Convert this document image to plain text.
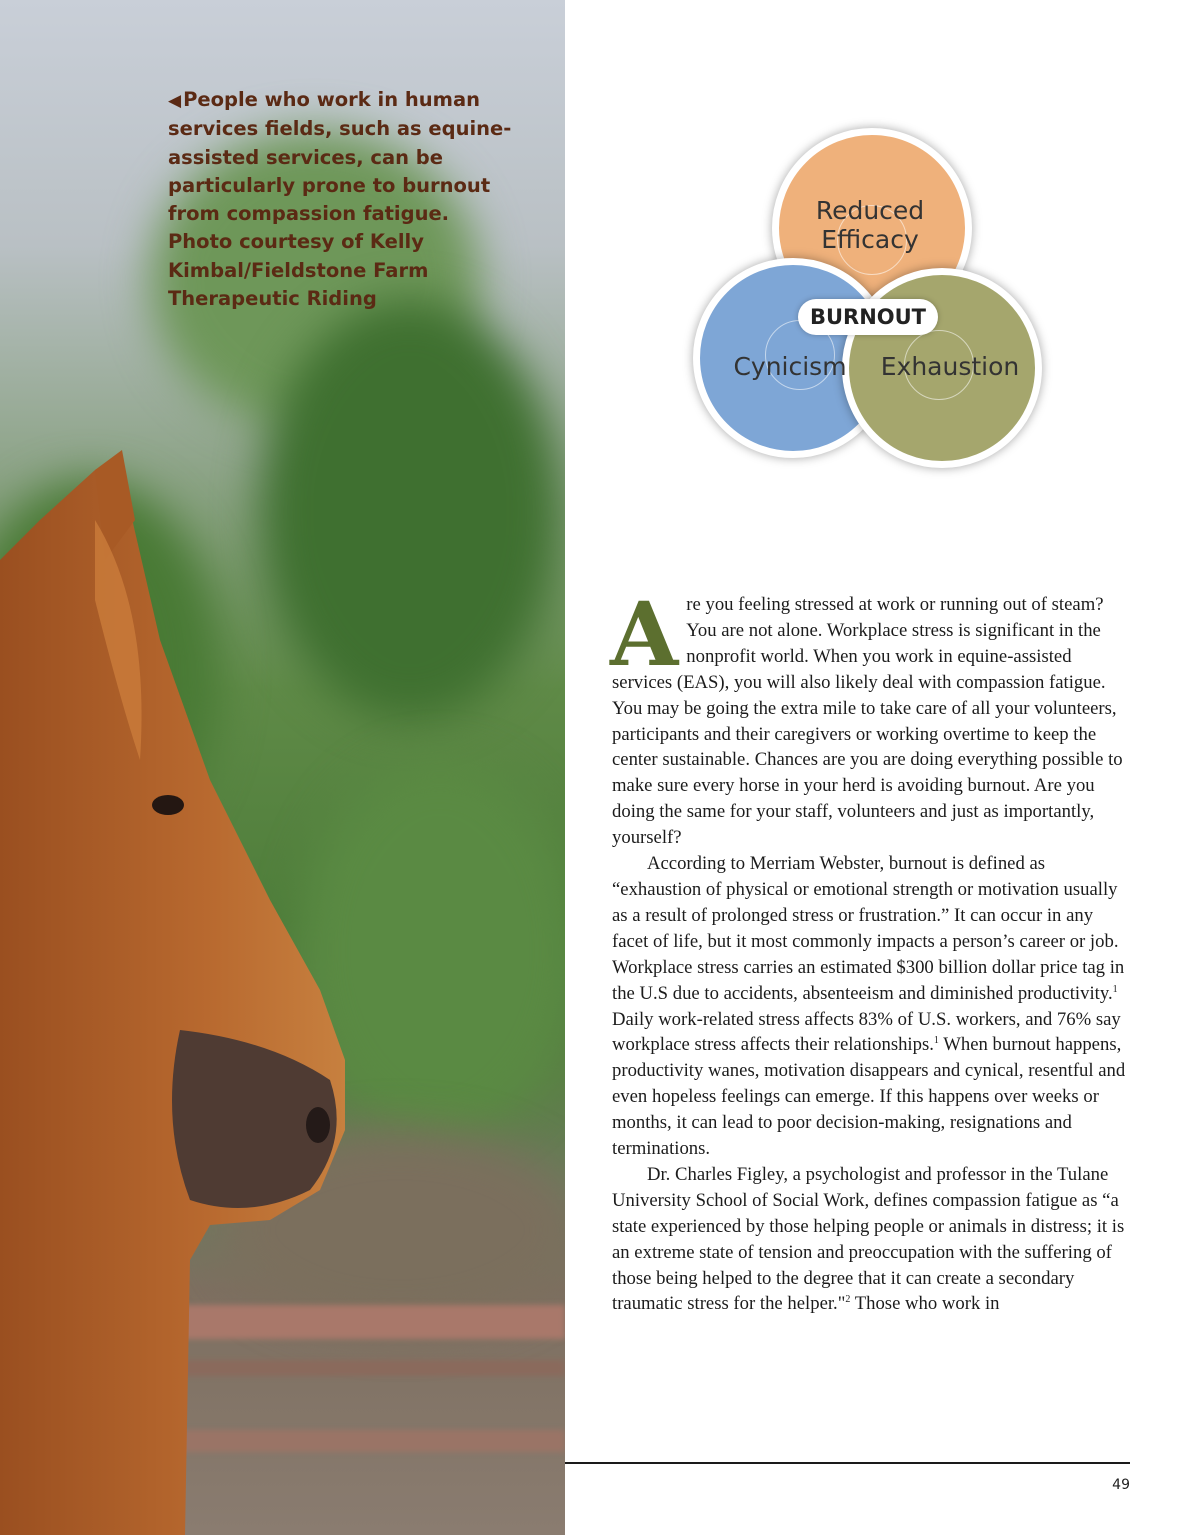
◀ People who work in human services fields, such as equine-assisted services, can be particularly prone to burnout from compassion fatigue. Photo courtesy of Kelly Kimbal/Fieldstone Farm Therapeutic Riding

Reduced
Efficacy

Cynicism	Exhaustion

BURNOUT

Are you feeling stressed at work or running out of steam? You are not alone. Workplace stress is significant in the nonprofit world. When you work in equine-assisted services (EAS), you will also likely deal with compassion fatigue. You may be going the extra mile to take care of all your volunteers, participants and their caregivers or working overtime to keep the center sustainable. Chances are you are doing everything possible to make sure every horse in your herd is avoiding burnout. Are you doing the same for your staff, volunteers and just as importantly, yourself?

According to Merriam Webster, burnout is defined as “exhaustion of physical or emotional strength or motivation usually as a result of prolonged stress or frustration.” It can occur in any facet of life, but it most commonly impacts a person’s career or job. Workplace stress carries an estimated $300 billion dollar price tag in the U.S due to accidents, absenteeism and diminished productivity.$^1$ Daily work-related stress affects 83% of U.S. workers, and 76% say workplace stress affects their relationships.$^1$ When burnout happens, productivity wanes, motivation disappears and cynical, resentful and even hopeless feelings can emerge. If this happens over weeks or months, it can lead to poor decision-making, resignations and terminations.

Dr. Charles Figley, a psychologist and professor in the Tulane University School of Social Work, defines compassion fatigue as “a state experienced by those helping people or animals in distress; it is an extreme state of tension and preoccupation with the suffering of those being helped to the degree that it can create a secondary traumatic stress for the helper."$^2$ Those who work in

49
